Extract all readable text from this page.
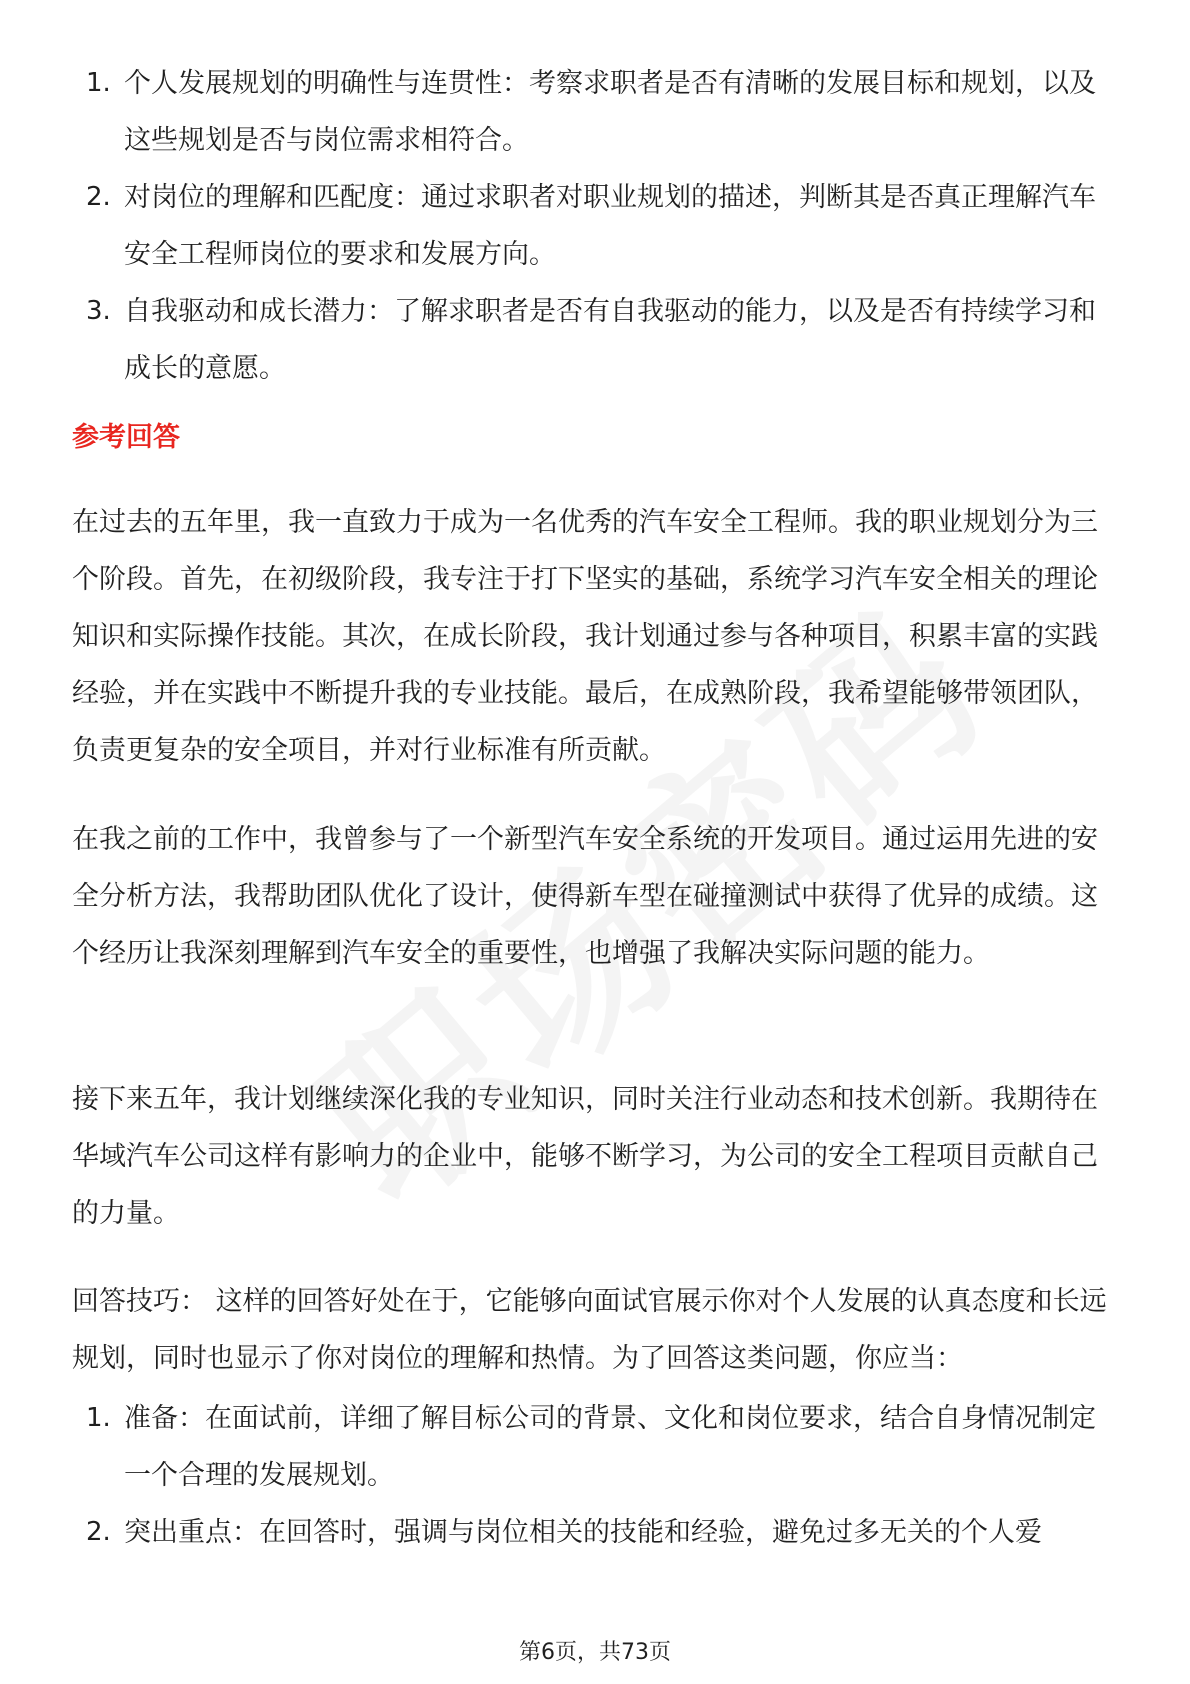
1. 个人发展规划的明确性与连贯性：考察求职者是否有清晰的发展目标和规划，以及这些规划是否与岗位需求相符合。
2. 对岗位的理解和匹配度：通过求职者对职业规划的描述，判断其是否真正理解汽车安全工程师岗位的要求和发展方向。
3. 自我驱动和成长潜力：了解求职者是否有自我驱动的能力，以及是否有持续学习和成长的意愿。
参考回答

在过去的五年里，我一直致力于成为一名优秀的汽车安全工程师。我的职业规划分为三个阶段。首先，在初级阶段，我专注于打下坚实的基础，系统学习汽车安全相关的理论知识和实际操作技能。其次，在成长阶段，我计划通过参与各种项目，积累丰富的实践经验，并在实践中不断提升我的专业技能。最后，在成熟阶段，我希望能够带领团队，负责更复杂的安全项目，并对行业标准有所贡献。

在我之前的工作中，我曾参与了一个新型汽车安全系统的开发项目。通过运用先进的安全分析方法，我帮助团队优化了设计，使得新车型在碰撞测试中获得了优异的成绩。这个经历让我深刻理解到汽车安全的重要性，也增强了我解决实际问题的能力。

接下来五年，我计划继续深化我的专业知识，同时关注行业动态和技术创新。我期待在华域汽车公司这样有影响力的企业中，能够不断学习，为公司的安全工程项目贡献自己的力量。

回答技巧： 这样的回答好处在于，它能够向面试官展示你对个人发展的认真态度和长远规划，同时也显示了你对岗位的理解和热情。为了回答这类问题，你应当：

1. 准备：在面试前，详细了解目标公司的背景、文化和岗位要求，结合自身情况制定一个合理的发展规划。
2. 突出重点：在回答时，强调与岗位相关的技能和经验，避免过多无关的个人爱
第6页，共73页
